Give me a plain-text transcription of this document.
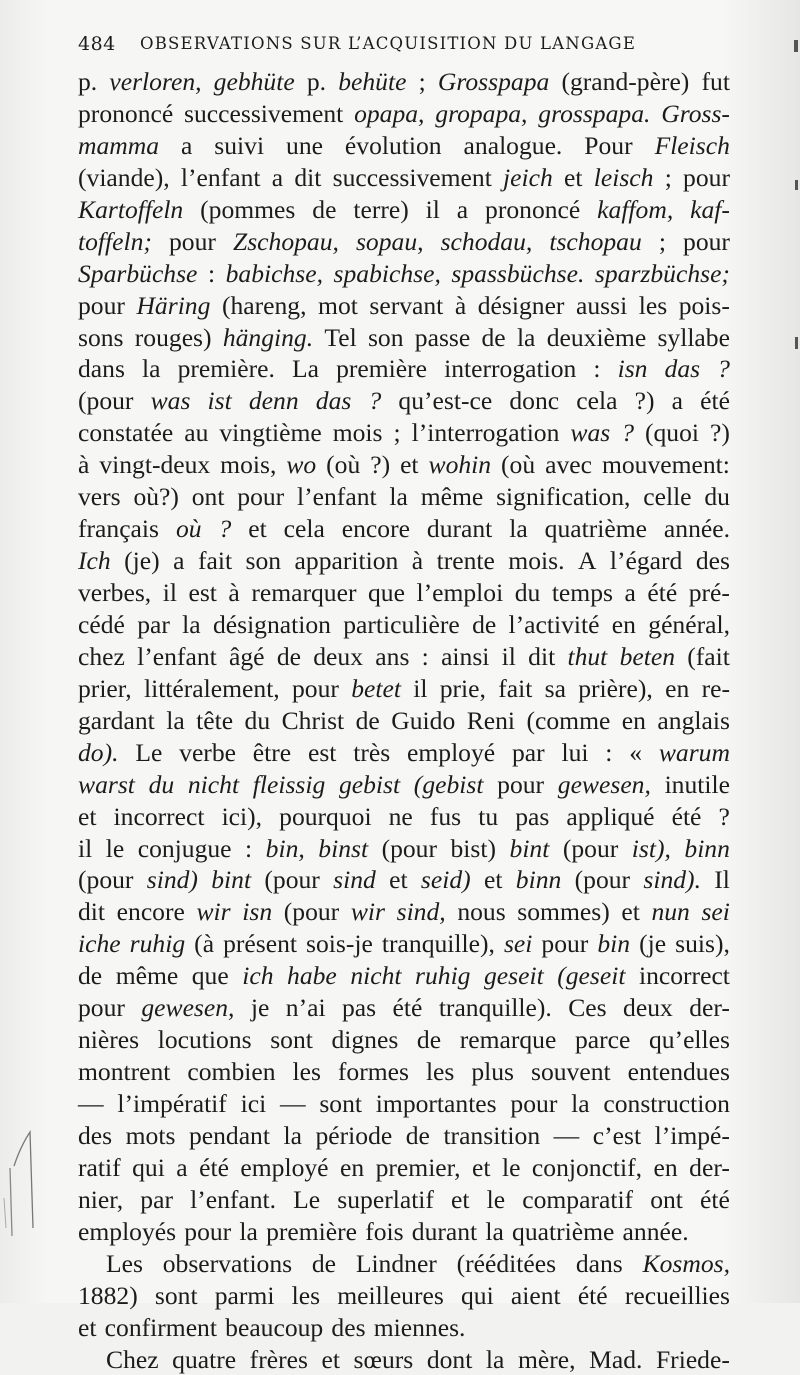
484 OBSERVATIONS SUR L’ACQUISITION DU LANGAGE
p. verloren, gebhüte p. behüte ; Grosspapa (grand-père) fut
prononcé successivement opapa, gropapa, grosspapa. Gross-
mamma a suivi une évolution analogue. Pour Fleisch
(viande), l’enfant a dit successivement jeich et leisch ; pour
Kartoffeln (pommes de terre) il a prononcé kaffom, kaf-
toffeln; pour Zschopau, sopau, schodau, tschopau ; pour
Sparbüchse : babichse, spabichse, spassbüchse. sparzbüchse;
pour Häring (hareng, mot servant à désigner aussi les pois-
sons rouges) hänging. Tel son passe de la deuxième syllabe
dans la première. La première interrogation : isn das ?
(pour was ist denn das ? qu’est-ce donc cela ?) a été
constatée au vingtième mois ; l’interrogation was ? (quoi ?)
à vingt-deux mois, wo (où ?) et wohin (où avec mouvement:
vers où?) ont pour l’enfant la même signification, celle du
français où ? et cela encore durant la quatrième année.
Ich (je) a fait son apparition à trente mois. A l’égard des
verbes, il est à remarquer que l’emploi du temps a été pré-
cédé par la désignation particulière de l’activité en général,
chez l’enfant âgé de deux ans : ainsi il dit thut beten (fait
prier, littéralement, pour betet il prie, fait sa prière), en re-
gardant la tête du Christ de Guido Reni (comme en anglais
do). Le verbe être est très employé par lui : « warum
warst du nicht fleissig gebist (gebist pour gewesen, inutile
et incorrect ici), pourquoi ne fus tu pas appliqué été ?
il le conjugue : bin, binst (pour bist) bint (pour ist), binn
(pour sind) bint (pour sind et seid) et binn (pour sind). Il
dit encore wir isn (pour wir sind, nous sommes) et nun sei
iche ruhig (à présent sois-je tranquille), sei pour bin (je suis),
de même que ich habe nicht ruhig geseit (geseit incorrect
pour gewesen, je n’ai pas été tranquille). Ces deux der-
nières locutions sont dignes de remarque parce qu’elles
montrent combien les formes les plus souvent entendues
— l’impératif ici — sont importantes pour la construction
des mots pendant la période de transition — c’est l’impé-
ratif qui a été employé en premier, et le conjonctif, en der-
nier, par l’enfant. Le superlatif et le comparatif ont été
employés pour la première fois durant la quatrième année.
Les observations de Lindner (rééditées dans Kosmos,
1882) sont parmi les meilleures qui aient été recueillies
et confirment beaucoup des miennes.
Chez quatre frères et sœurs dont la mère, Mad. Friede-
